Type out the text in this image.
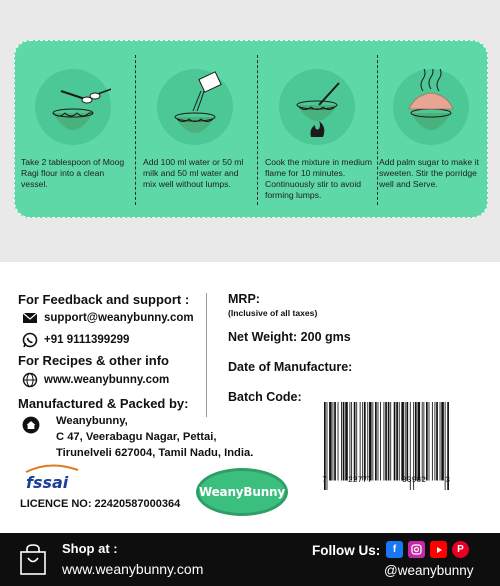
Take 2 tablespoon of Moog Ragi flour into a clean vessel.
Add 100 ml water or 50 ml milk and 50 ml water and mix well without lumps.
Cook the mixture in medium flame for 10 minutes. Continuously stir to avoid forming lumps.
Add palm sugar to make it sweeten. Stir the porridge well and Serve.
For Feedback and support :
support@weanybunny.com
+91 9111399299
For Recipes & other info
www.weanybunny.com
Manufactured & Packed by:
Weanybunny,
C 47, Veerabagu Nagar, Pettai,
Tirunelveli 627004, Tamil Nadu, India.
MRP:
(Inclusive of all taxes)
Net Weight: 200 gms
Date of Manufacture:
Batch Code:
7	22777	33982	3
fssai
LICENCE NO: 22420587000364
WeanyBunny
Shop at :
www.weanybunny.com
Follow Us:	f	P
@weanybunny
